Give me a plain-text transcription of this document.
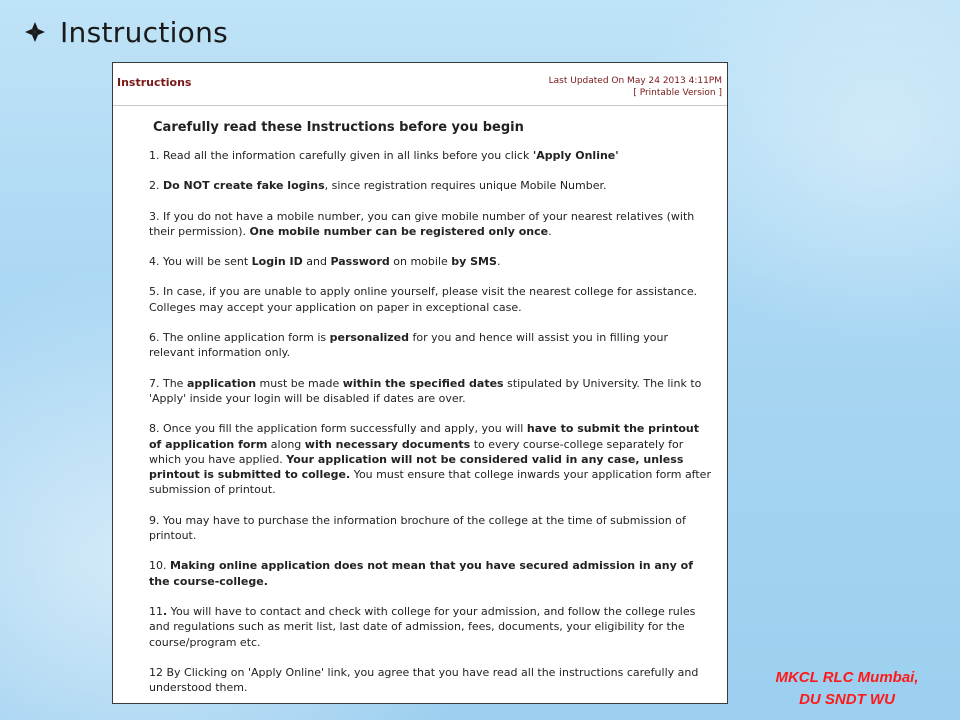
Instructions
Instructions	Last Updated On May 24 2013 4:11PM
[ Printable Version ]
Carefully read these Instructions before you begin
1. Read all the information carefully given in all links before you click 'Apply Online'
2. Do NOT create fake logins, since registration requires unique Mobile Number.
3. If you do not have a mobile number, you can give mobile number of your nearest relatives (with their permission). One mobile number can be registered only once.
4. You will be sent Login ID and Password on mobile by SMS.
5. In case, if you are unable to apply online yourself, please visit the nearest college for assistance. Colleges may accept your application on paper in exceptional case.
6. The online application form is personalized for you and hence will assist you in filling your relevant information only.
7. The application must be made within the specified dates stipulated by University. The link to 'Apply' inside your login will be disabled if dates are over.
8. Once you fill the application form successfully and apply, you will have to submit the printout of application form along with necessary documents to every course-college separately for which you have applied. Your application will not be considered valid in any case, unless printout is submitted to college. You must ensure that college inwards your application form after submission of printout.
9. You may have to purchase the information brochure of the college at the time of submission of printout.
10. Making online application does not mean that you have secured admission in any of the course-college.
11. You will have to contact and check with college for your admission, and follow the college rules and regulations such as merit list, last date of admission, fees, documents, your eligibility for the course/program etc.
12 By Clicking on 'Apply Online' link, you agree that you have read all the instructions carefully and understood them.
MKCL RLC Mumbai,
DU SNDT WU
